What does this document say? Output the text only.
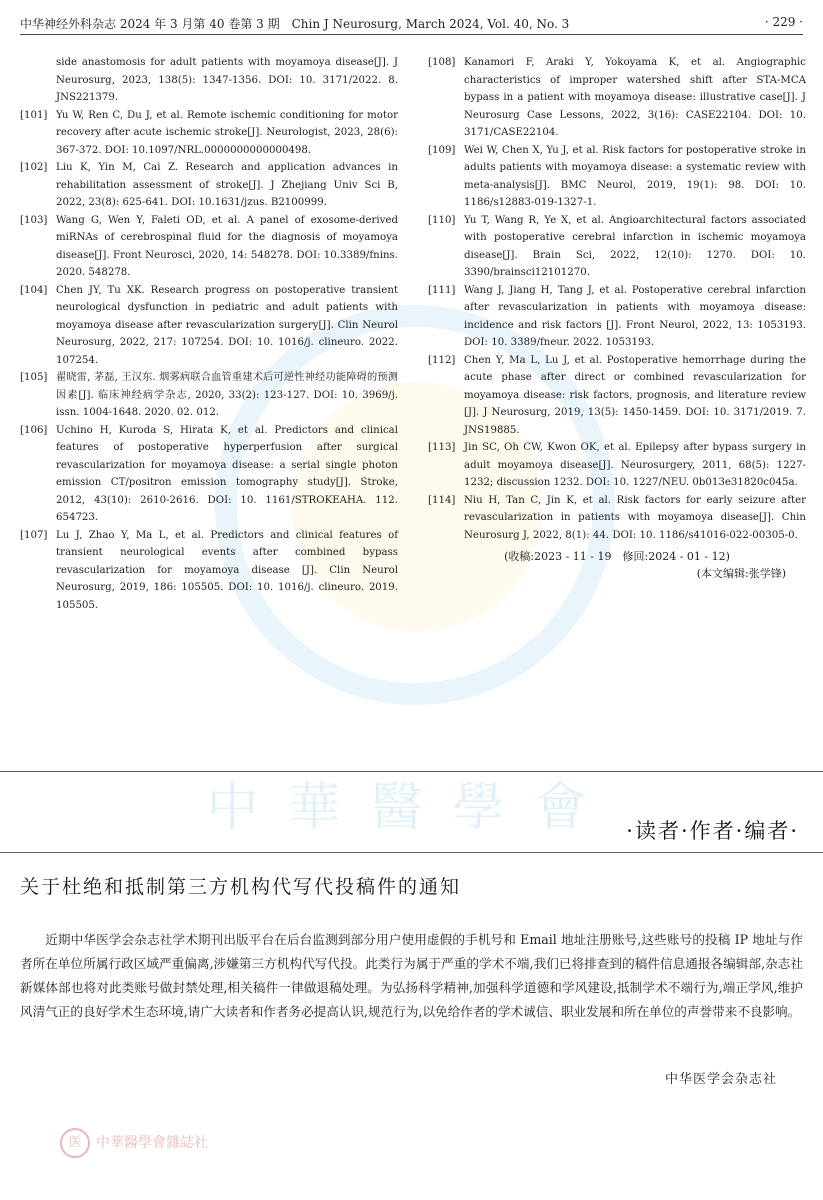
中华神经外科杂志 2024 年 3 月第 40 卷第 3 期　Chin J Neurosurg, March 2024, Vol. 40, No. 3	· 229 ·
side anastomosis for adult patients with moyamoya disease[J]. J Neurosurg, 2023, 138(5): 1347-1356. DOI: 10. 3171/2022. 8. JNS221379.
[101] Yu W, Ren C, Du J, et al. Remote ischemic conditioning for motor recovery after acute ischemic stroke[J]. Neurologist, 2023, 28(6): 367-372. DOI: 10.1097/NRL.0000000000000498.
[102] Liu K, Yin M, Cai Z. Research and application advances in rehabilitation assessment of stroke[J]. J Zhejiang Univ Sci B, 2022, 23(8): 625-641. DOI: 10.1631/jzus. B2100999.
[103] Wang G, Wen Y, Faleti OD, et al. A panel of exosome-derived miRNAs of cerebrospinal fluid for the diagnosis of moyamoya disease[J]. Front Neurosci, 2020, 14: 548278. DOI: 10.3389/fnins. 2020. 548278.
[104] Chen JY, Tu XK. Research progress on postoperative transient neurological dysfunction in pediatric and adult patients with moyamoya disease after revascularization surgery[J]. Clin Neurol Neurosurg, 2022, 217: 107254. DOI: 10. 1016/j. clineuro. 2022. 107254.
[105] 翟晓雷, 茅磊, 王汉东. 烟雾病联合血管重建术后可逆性神经功能障碍的预测因素[J]. 临床神经病学杂志, 2020, 33(2): 123-127. DOI: 10. 3969/j. issn. 1004-1648. 2020. 02. 012.
[106] Uchino H, Kuroda S, Hirata K, et al. Predictors and clinical features of postoperative hyperperfusion after surgical revascularization for moyamoya disease: a serial single photon emission CT/positron emission tomography study[J]. Stroke, 2012, 43(10): 2610-2616. DOI: 10. 1161/STROKEAHA. 112. 654723.
[107] Lu J, Zhao Y, Ma L, et al. Predictors and clinical features of transient neurological events after combined bypass revascularization for moyamoya disease [J]. Clin Neurol Neurosurg, 2019, 186: 105505. DOI: 10. 1016/j. clineuro. 2019. 105505.
[108] Kanamori F, Araki Y, Yokoyama K, et al. Angiographic characteristics of improper watershed shift after STA-MCA bypass in a patient with moyamoya disease: illustrative case[J]. J Neurosurg Case Lessons, 2022, 3(16): CASE22104. DOI: 10. 3171/CASE22104.
[109] Wei W, Chen X, Yu J, et al. Risk factors for postoperative stroke in adults patients with moyamoya disease: a systematic review with meta-analysis[J]. BMC Neurol, 2019, 19(1): 98. DOI: 10. 1186/s12883-019-1327-1.
[110] Yu T, Wang R, Ye X, et al. Angioarchitectural factors associated with postoperative cerebral infarction in ischemic moyamoya disease[J]. Brain Sci, 2022, 12(10): 1270. DOI: 10. 3390/brainsci12101270.
[111] Wang J, Jiang H, Tang J, et al. Postoperative cerebral infarction after revascularization in patients with moyamoya disease: incidence and risk factors [J]. Front Neurol, 2022, 13: 1053193. DOI: 10. 3389/fneur. 2022. 1053193.
[112] Chen Y, Ma L, Lu J, et al. Postoperative hemorrhage during the acute phase after direct or combined revascularization for moyamoya disease: risk factors, prognosis, and literature review [J]. J Neurosurg, 2019, 13(5): 1450-1459. DOI: 10. 3171/2019. 7. JNS19885.
[113] Jin SC, Oh CW, Kwon OK, et al. Epilepsy after bypass surgery in adult moyamoya disease[J]. Neurosurgery, 2011, 68(5): 1227-1232; discussion 1232. DOI: 10. 1227/NEU. 0b013e31820c045a.
[114] Niu H, Tan C, Jin K, et al. Risk factors for early seizure after revascularization in patients with moyamoya disease[J]. Chin Neurosurg J, 2022, 8(1): 44. DOI: 10. 1186/s41016-022-00305-0.
(收稿:2023 - 11 - 19　修回:2024 - 01 - 12)
(本文编辑:张学锋)
中華醫學會 ·读者·作者·编者·
关于杜绝和抵制第三方机构代写代投稿件的通知
近期中华医学会杂志社学术期刊出版平台在后台监测到部分用户使用虚假的手机号和 Email 地址注册账号,这些账号的投稿 IP 地址与作者所在单位所属行政区域严重偏离,涉嫌第三方机构代写代投。此类行为属于严重的学术不端,我们已将排查到的稿件信息通报各编辑部,杂志社新媒体部也将对此类账号做封禁处理,相关稿件一律做退稿处理。为弘扬科学精神,加强科学道德和学风建设,抵制学术不端行为,端正学风,维护风清气正的良好学术生态环境,请广大读者和作者务必提高认识,规范行为,以免给作者的学术诚信、职业发展和所在单位的声誉带来不良影响。
中华医学会杂志社
医 中華醫學會雜誌社
